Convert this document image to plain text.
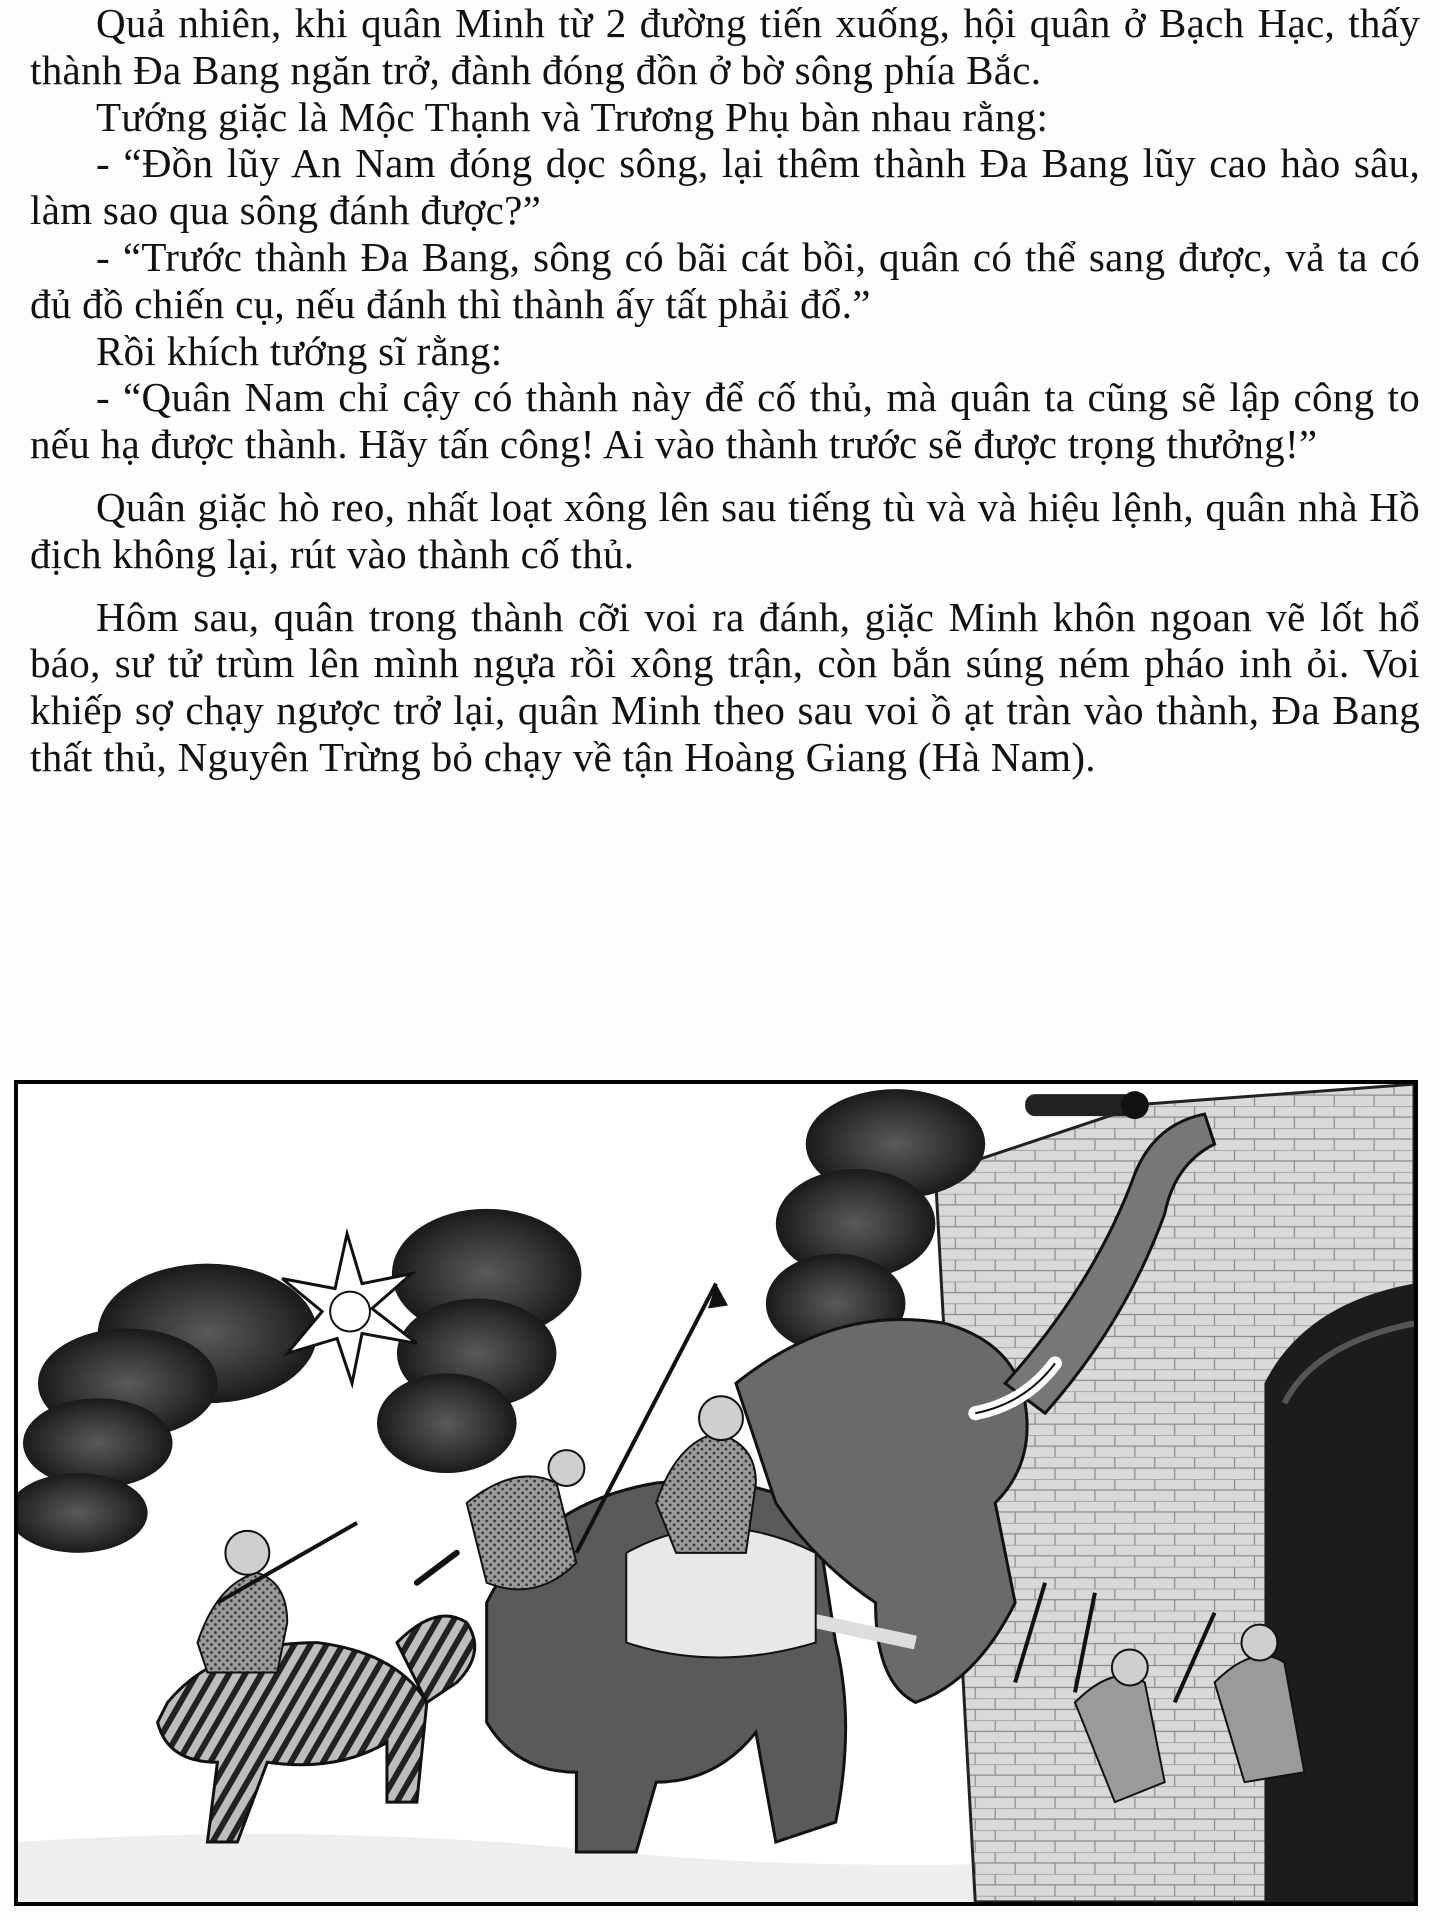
Quả nhiên, khi quân Minh từ 2 đường tiến xuống, hội quân ở Bạch Hạc, thấy thành Đa Bang ngăn trở, đành đóng đồn ở bờ sông phía Bắc.

Tướng giặc là Mộc Thạnh và Trương Phụ bàn nhau rằng:

- “Đồn lũy An Nam đóng dọc sông, lại thêm thành Đa Bang lũy cao hào sâu, làm sao qua sông đánh được?”

- “Trước thành Đa Bang, sông có bãi cát bồi, quân có thể sang được, vả ta có đủ đồ chiến cụ, nếu đánh thì thành ấy tất phải đổ.”

Rồi khích tướng sĩ rằng:

- “Quân Nam chỉ cậy có thành này để cố thủ, mà quân ta cũng sẽ lập công to nếu hạ được thành. Hãy tấn công! Ai vào thành trước sẽ được trọng thưởng!”

Quân giặc hò reo, nhất loạt xông lên sau tiếng tù và và hiệu lệnh, quân nhà Hồ địch không lại, rút vào thành cố thủ.

Hôm sau, quân trong thành cỡi voi ra đánh, giặc Minh khôn ngoan vẽ lốt hổ báo, sư tử trùm lên mình ngựa rồi xông trận, còn bắn súng ném pháo inh ỏi. Voi khiếp sợ chạy ngược trở lại, quân Minh theo sau voi ồ ạt tràn vào thành, Đa Bang thất thủ, Nguyên Trừng bỏ chạy về tận Hoàng Giang (Hà Nam).
